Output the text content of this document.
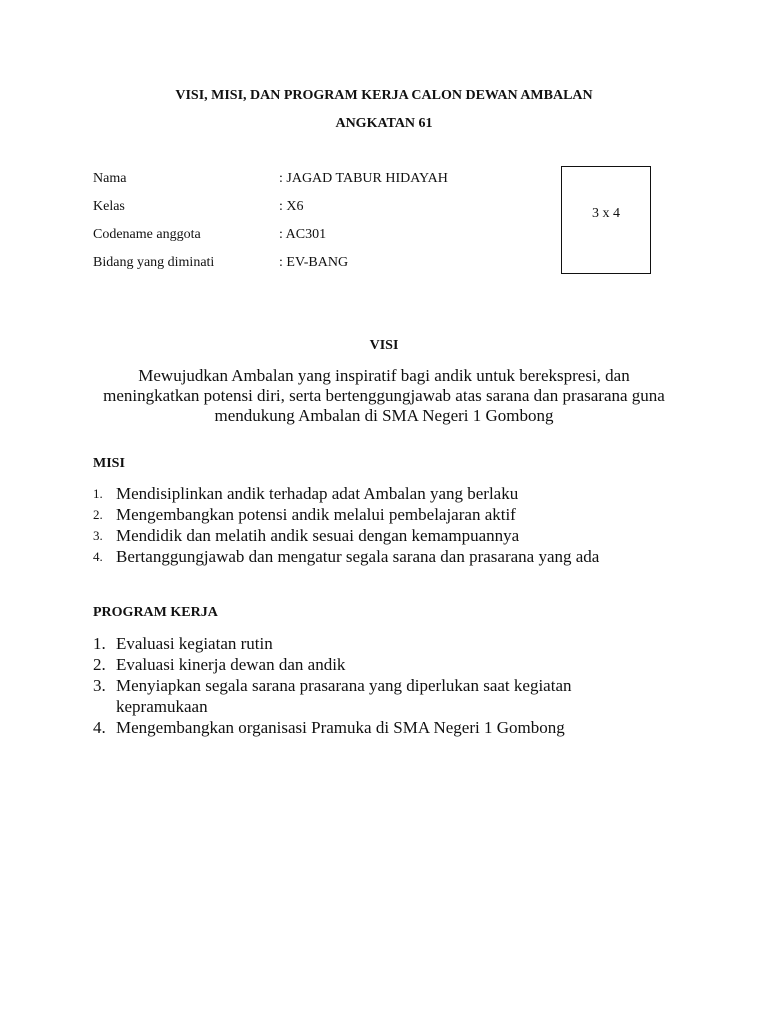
VISI, MISI, DAN PROGRAM KERJA CALON DEWAN AMBALAN
ANGKATAN 61
Nama	: JAGAD TABUR HIDAYAH
Kelas	: X6
Codename anggota	: AC301
Bidang yang diminati	: EV-BANG
3 x 4
VISI
Mewujudkan Ambalan yang inspiratif bagi andik untuk berekspresi, dan meningkatkan potensi diri, serta bertenggungjawab atas sarana dan prasarana guna mendukung Ambalan di SMA Negeri 1 Gombong
MISI
1. Mendisiplinkan andik terhadap adat Ambalan yang berlaku
2. Mengembangkan potensi andik melalui pembelajaran aktif
3. Mendidik dan melatih andik sesuai dengan kemampuannya
4. Bertanggungjawab dan mengatur segala sarana dan prasarana yang ada
PROGRAM KERJA
1. Evaluasi kegiatan rutin
2. Evaluasi kinerja dewan dan andik
3. Menyiapkan segala sarana prasarana yang diperlukan saat kegiatan kepramukaan
4. Mengembangkan organisasi Pramuka di SMA Negeri 1 Gombong
